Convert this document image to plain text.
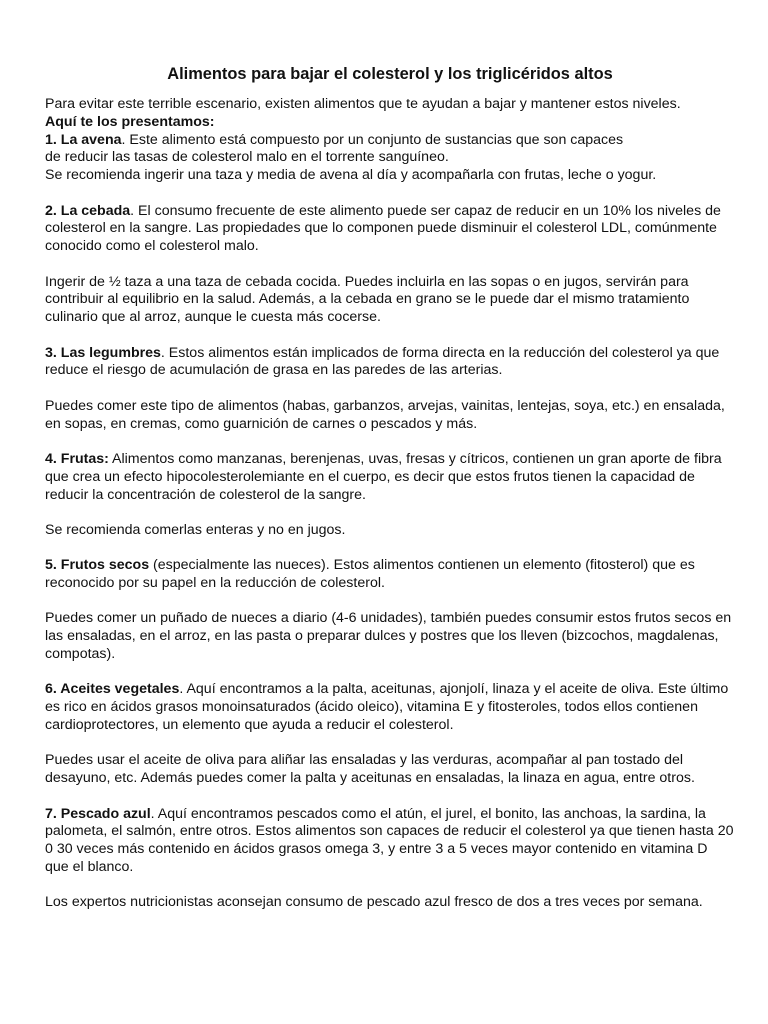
Alimentos para bajar el colesterol y los triglicéridos altos

Para evitar este terrible escenario, existen alimentos que te ayudan a bajar y mantener estos niveles.
Aquí te los presentamos:
1. La avena. Este alimento está compuesto por un conjunto de sustancias que son capaces
de reducir las tasas de colesterol malo en el torrente sanguíneo.
Se recomienda ingerir una taza y media de avena al día y acompañarla con frutas, leche o yogur.

2. La cebada. El consumo frecuente de este alimento puede ser capaz de reducir en un 10% los niveles de colesterol en la sangre. Las propiedades que lo componen puede disminuir el colesterol LDL, comúnmente conocido como el colesterol malo.

Ingerir de ½ taza a una taza de cebada cocida. Puedes incluirla en las sopas o en jugos, servirán para contribuir al equilibrio en la salud. Además, a la cebada en grano se le puede dar el mismo tratamiento culinario que al arroz, aunque le cuesta más cocerse.

3. Las legumbres. Estos alimentos están implicados de forma directa en la reducción del colesterol ya que reduce el riesgo de acumulación de grasa en las paredes de las arterias.

Puedes comer este tipo de alimentos (habas, garbanzos, arvejas, vainitas, lentejas, soya, etc.) en ensalada, en sopas, en cremas, como guarnición de carnes o pescados y más.

4. Frutas: Alimentos como manzanas, berenjenas, uvas, fresas y cítricos, contienen un gran aporte de fibra que crea un efecto hipocolesterolemiante en el cuerpo, es decir que estos frutos tienen la capacidad de reducir la concentración de colesterol de la sangre.

Se recomienda comerlas enteras y no en jugos.

5. Frutos secos (especialmente las nueces). Estos alimentos contienen un elemento (fitosterol) que es reconocido por su papel en la reducción de colesterol.

Puedes comer un puñado de nueces a diario (4-6 unidades), también puedes consumir estos frutos secos en las ensaladas, en el arroz, en las pasta o preparar dulces y postres que los lleven (bizcochos, magdalenas, compotas).

6. Aceites vegetales. Aquí encontramos a la palta, aceitunas, ajonjolí, linaza y el aceite de oliva. Este último es rico en ácidos grasos monoinsaturados (ácido oleico), vitamina E y fitosteroles, todos ellos contienen cardioprotectores, un elemento que ayuda a reducir el colesterol.

Puedes usar el aceite de oliva para aliñar las ensaladas y las verduras, acompañar al pan tostado del desayuno, etc. Además puedes comer la palta y aceitunas en ensaladas, la linaza en agua, entre otros.

7. Pescado azul. Aquí encontramos pescados como el atún, el jurel, el bonito, las anchoas, la sardina, la palometa, el salmón, entre otros. Estos alimentos son capaces de reducir el colesterol ya que tienen hasta 20 0 30 veces más contenido en ácidos grasos omega 3, y entre 3 a 5 veces mayor contenido en vitamina D que el blanco.

Los expertos nutricionistas aconsejan consumo de pescado azul fresco de dos a tres veces por semana.
